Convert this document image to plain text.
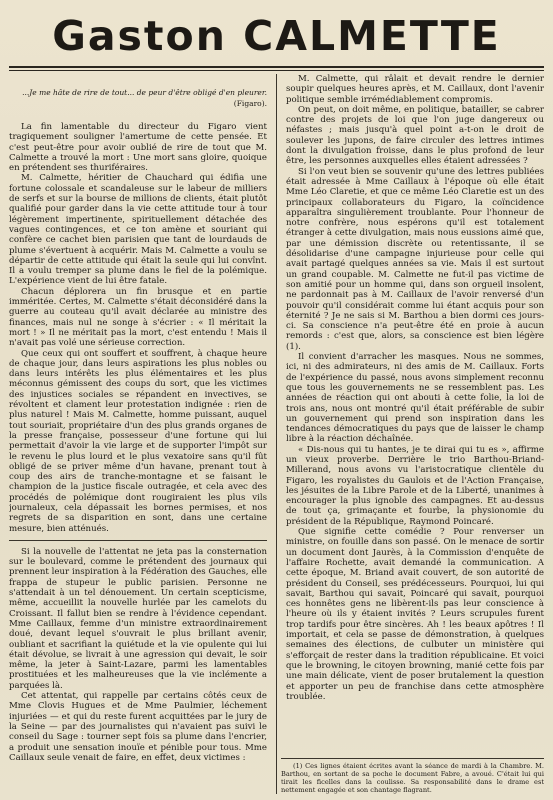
Gaston CALMETTE
...Je me hâte de rire de tout... de peur d'être obligé d'en pleurer.
(Figaro).

La fin lamentable du directeur du Figaro vient tragiquement souligner l'amertume de cette pensée. Et c'est peut-être pour avoir oublié de rire de tout que M. Calmette a trouvé la mort : Une mort sans gloire, quoique en prétendent ses thuriféraires.

M. Calmette, héritier de Chauchard qui édifia une fortune colossale et scandaleuse sur le labeur de milliers de serfs et sur la bourse de millions de clients, était plutôt qualifié pour garder dans la vie cette attitude tour à tour légèrement impertinente, spirituellement détachée des vagues contingences, et ce ton amène et souriant qui confère ce cachet bien parisien que tant de lourdauds de plume s'évertuent à acquérir. Mais M. Calmette a voulu se départir de cette attitude qui était la seule qui lui convînt. Il a voulu tremper sa plume dans le fiel de la polémique. L'expérience vient de lui être fatale.

Chacun déplorera un fin brusque et en partie imméritée. Certes, M. Calmette s'était déconsidéré dans la guerre au couteau qu'il avait déclarée au ministre des finances, mais nul ne songe à s'écrier : « Il méritait la mort ! » Il ne méritait pas la mort, c'est entendu ! Mais il n'avait pas volé une sérieuse correction.

Que ceux qui ont souffert et souffrent, à chaque heure de chaque jour, dans leurs aspirations les plus nobles ou dans leurs intérêts les plus élémentaires et les plus méconnus gémissent des coups du sort, que les victimes des injustices sociales se répandent en invectives, se révoltent et clament leur protestation indignée : rien de plus naturel ! Mais M. Calmette, homme puissant, auquel tout souriait, propriétaire d'un des plus grands organes de la presse française, possesseur d'une fortune qui lui permettait d'avoir la vie large et de supporter l'impôt sur le revenu le plus lourd et le plus vexatoire sans qu'il fût obligé de se priver même d'un havane, prenant tout à coup des airs de tranche-montagne et se faisant le champion de la justice fiscale outragée, et cela avec des procédés de polémique dont rougiraient les plus vils journaleux, cela dépassait les bornes permises, et nos regrets de sa disparition en sont, dans une certaine mesure, bien atténués.

Si la nouvelle de l'attentat ne jeta pas la consternation sur le boulevard, comme le prétendent des journaux qui prennent leur inspiration à la Fédération des Gauches, elle frappa de stupeur le public parisien. Personne ne s'attendait à un tel dénouement. Un certain scepticisme, même, accueillit la nouvelle hurlée par les camelots du Croissant. Il fallut bien se rendre à l'évidence cependant. Mme Caillaux, femme d'un ministre extraordinairement doué, devant lequel s'ouvrait le plus brillant avenir, oubliant et sacrifiant la quiétude et la vie opulente qui lui était dévolue, se livrait à une agression qui devait, le soir même, la jeter à Saint-Lazare, parmi les lamentables prostituées et les malheureuses que la vie inclémente a parquées là.

Cet attentat, qui rappelle par certains côtés ceux de Mme Clovis Hugues et de Mme Paulmier, léchement injuriées — et qui du reste furent acquittées par le jury de la Seine — par des journalistes qui n'avaient pas suivi le conseil du Sage : tourner sept fois sa plume dans l'encrier, a produit une sensation inouïe et pénible pour tous. Mme Caillaux seule venait de faire, en effet, deux victimes :

M. Calmette, qui râlait et devait rendre le dernier soupir quelques heures après, et M. Caillaux, dont l'avenir politique semble irrémédiablement compromis.

On peut, on doit même, en politique, batailler, se cabrer contre des projets de loi que l'on juge dangereux ou néfastes ; mais jusqu'à quel point a-t-on le droit de soulever les jupons, de faire circuler des lettres intimes dont la divulgation froisse, dans le plus profond de leur être, les personnes auxquelles elles étaient adressées ?

Si l'on veut bien se souvenir qu'une des lettres publiées était adressée à Mme Caillaux à l'époque où elle était Mme Léo Claretie, et que ce même Léo Claretie est un des principaux collaborateurs du Figaro, la coïncidence apparaîtra singulièrement troublante. Pour l'honneur de notre confrère, nous espérons qu'il est totalement étranger à cette divulgation, mais nous eussions aimé que, par une démission discrète ou retentissante, il se désolidarise d'une campagne injurieuse pour celle qui avait partagé quelques années sa vie. Mais il est surtout un grand coupable. M. Calmette ne fut-il pas victime de son amitié pour un homme qui, dans son orgueil insolent, ne pardonnait pas à M. Caillaux de l'avoir renversé d'un pouvoir qu'il considérait comme lui étant acquis pour son éternité ? Je ne sais si M. Barthou a bien dormi ces jours-ci. Sa conscience n'a peut-être été en proie à aucun remords : c'est que, alors, sa conscience est bien légère (1).

Il convient d'arracher les masques. Nous ne sommes, ici, ni des admirateurs, ni des amis de M. Caillaux. Forts de l'expérience du passé, nous avons simplement reconnu que tous les gouvernements ne se ressemblent pas. Les années de réaction qui ont abouti à cette folie, la loi de trois ans, nous ont montré qu'il était préférable de subir un gouvernement qui prend son inspiration dans les tendances démocratiques du pays que de laisser le champ libre à la réaction déchaînée.

« Dis-nous qui tu hantes, je te dirai qui tu es », affirme un vieux proverbe. Derrière le trio Barthou-Briand-Millerand, nous avons vu l'aristocratique clientèle du Figaro, les royalistes du Gaulois et de l'Action Française, les jésuites de la Libre Parole et de la Liberté, unanimes à encourager la plus ignoble des campagnes. Et au-dessus de tout ça, grimaçante et fourbe, la physionomie du président de la République, Raymond Poincaré.

Que signifie cette comédie ? Pour renverser un ministre, on fouille dans son passé. On le menace de sortir un document dont Jaurès, à la Commission d'enquête de l'affaire Rochette, avait demandé la communication. A cette époque, M. Briand avait couvert, de son autorité de président du Conseil, ses prédécesseurs. Pourquoi, lui qui savait, Barthou qui savait, Poincaré qui savait, pourquoi ces honnêtes gens ne libèrent-ils pas leur conscience à l'heure où ils y étaient invités ? Leurs scrupules furent trop tardifs pour être sincères. Ah ! les beaux apôtres ! Il importait, et cela se passe de démonstration, à quelques semaines des élections, de culbuter un ministère qui s'efforçait de rester dans la tradition républicaine. Et voici que le browning, le citoyen browning, manié cette fois par une main délicate, vient de poser brutalement la question et apporter un peu de franchise dans cette atmosphère troublée.

(1) Ces lignes étaient écrites avant la séance de mardi à la Chambre. M. Barthou, en sortant de sa poche le document Fabre, a avoué. C'était lui qui tirait les ficelles dans la coulisse. Sa responsabilité dans le drame est nettement engagée et son chantage flagrant.
